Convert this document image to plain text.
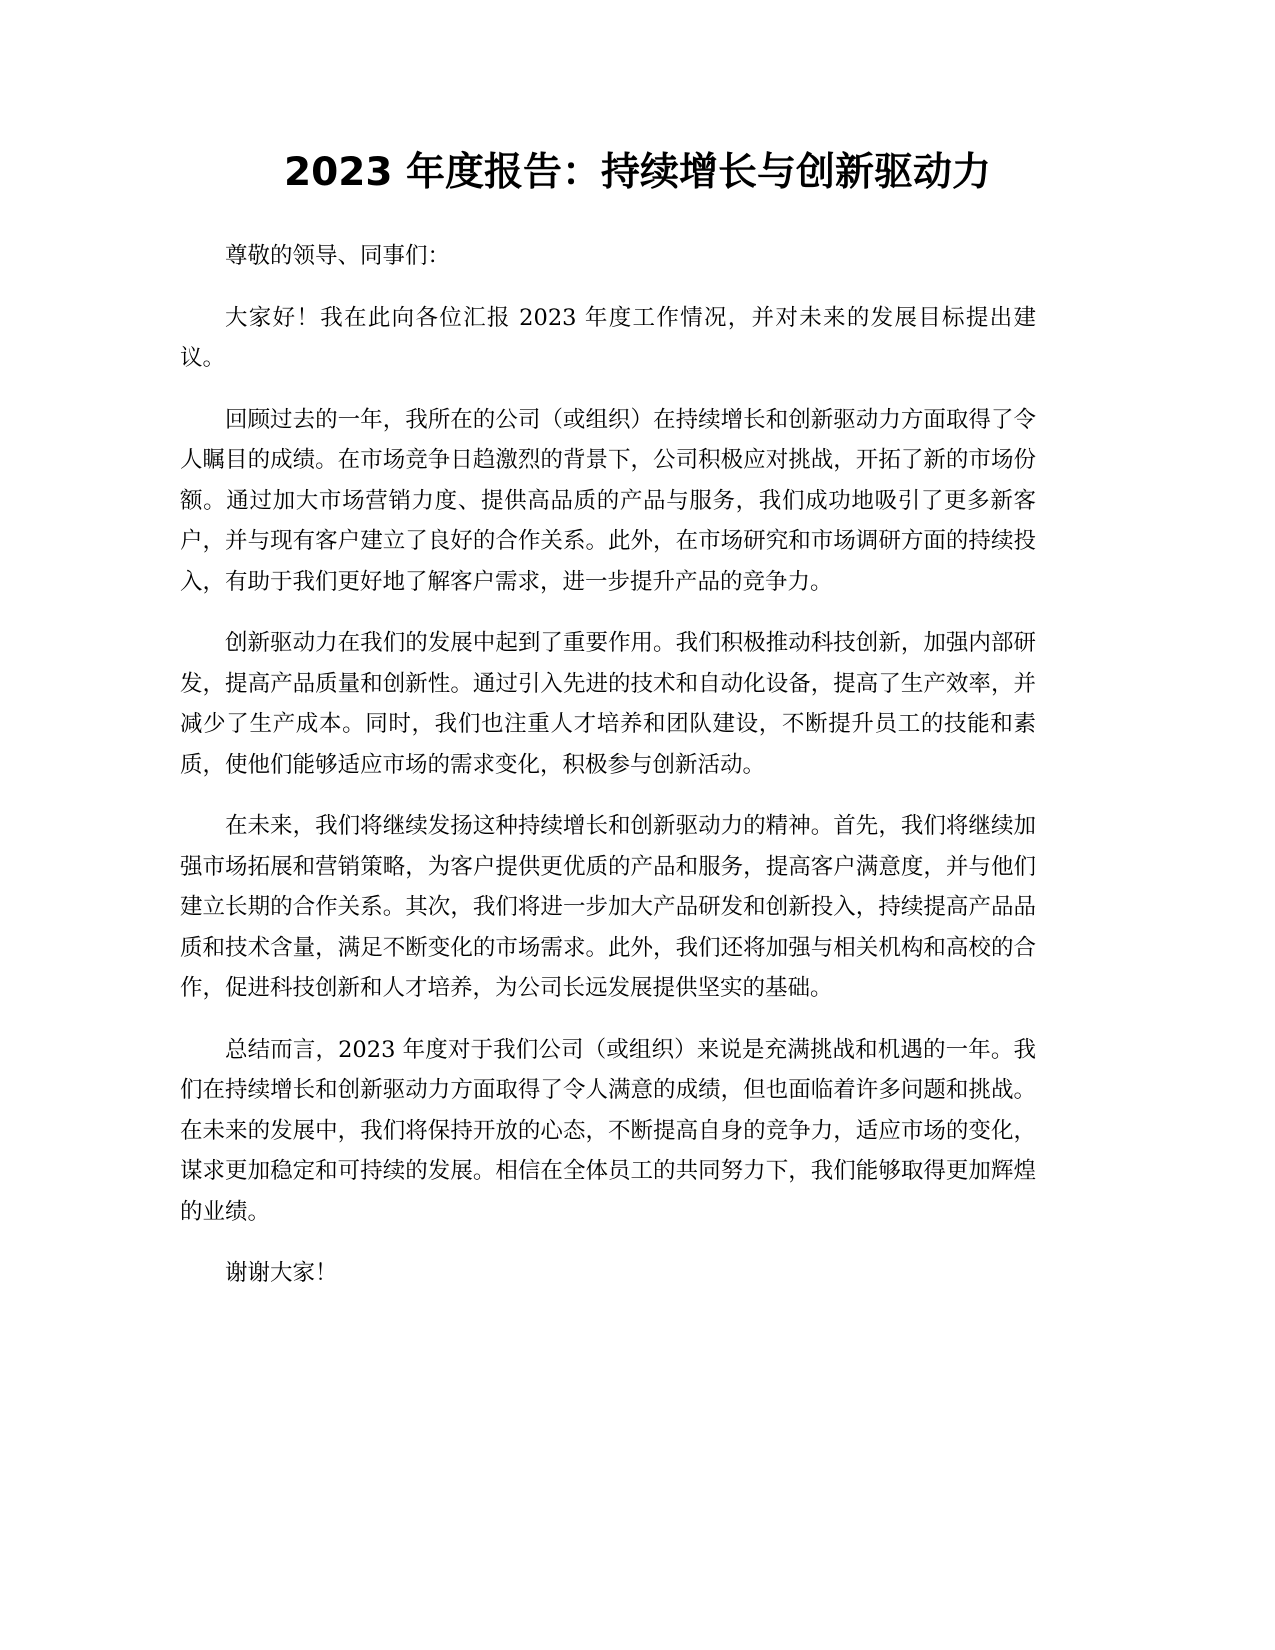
2023 年度报告：持续增长与创新驱动力

尊敬的领导、同事们：

大家好！我在此向各位汇报 2023 年度工作情况，并对未来的发展目标提出建议。

回顾过去的一年，我所在的公司（或组织）在持续增长和创新驱动力方面取得了令人瞩目的成绩。在市场竞争日趋激烈的背景下，公司积极应对挑战，开拓了新的市场份额。通过加大市场营销力度、提供高品质的产品与服务，我们成功地吸引了更多新客户，并与现有客户建立了良好的合作关系。此外，在市场研究和市场调研方面的持续投入，有助于我们更好地了解客户需求，进一步提升产品的竞争力。

创新驱动力在我们的发展中起到了重要作用。我们积极推动科技创新，加强内部研发，提高产品质量和创新性。通过引入先进的技术和自动化设备，提高了生产效率，并减少了生产成本。同时，我们也注重人才培养和团队建设，不断提升员工的技能和素质，使他们能够适应市场的需求变化，积极参与创新活动。

在未来，我们将继续发扬这种持续增长和创新驱动力的精神。首先，我们将继续加强市场拓展和营销策略，为客户提供更优质的产品和服务，提高客户满意度，并与他们建立长期的合作关系。其次，我们将进一步加大产品研发和创新投入，持续提高产品品质和技术含量，满足不断变化的市场需求。此外，我们还将加强与相关机构和高校的合作，促进科技创新和人才培养，为公司长远发展提供坚实的基础。

总结而言，2023 年度对于我们公司（或组织）来说是充满挑战和机遇的一年。我们在持续增长和创新驱动力方面取得了令人满意的成绩，但也面临着许多问题和挑战。在未来的发展中，我们将保持开放的心态，不断提高自身的竞争力，适应市场的变化，谋求更加稳定和可持续的发展。相信在全体员工的共同努力下，我们能够取得更加辉煌的业绩。

谢谢大家！
